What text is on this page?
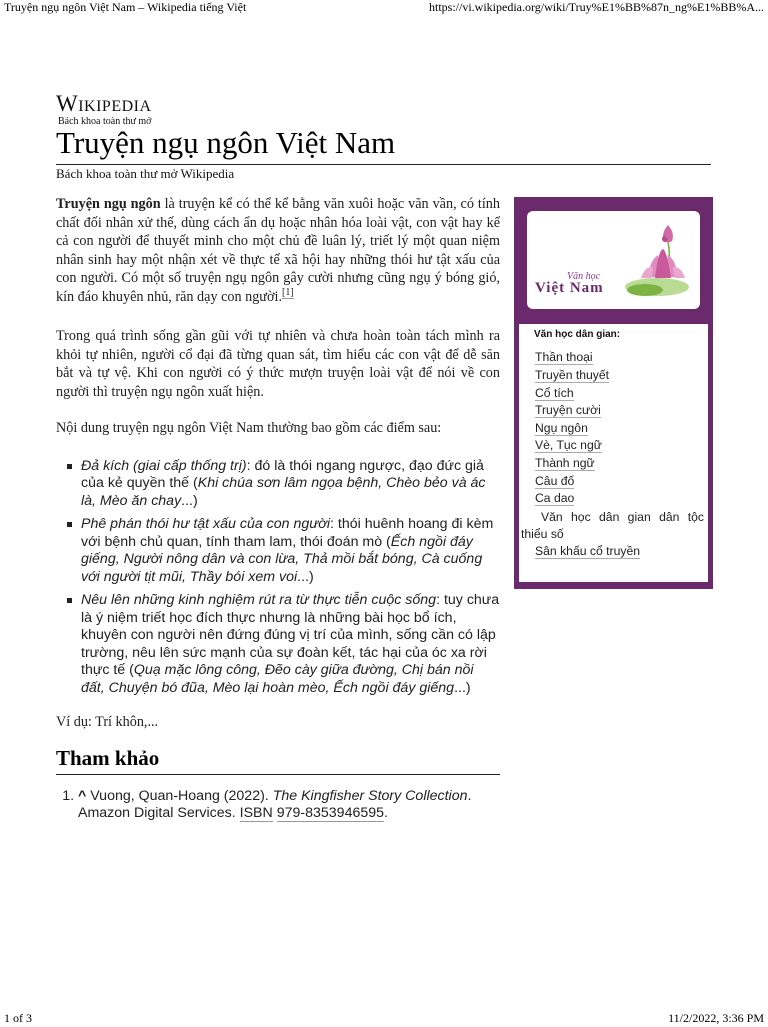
Truyện ngụ ngôn Việt Nam – Wikipedia tiếng Việt	https://vi.wikipedia.org/wiki/Truy%E1%BB%87n_ng%E1%BB%A...
Wikipedia
Bách khoa toàn thư mở
Truyện ngụ ngôn Việt Nam
Bách khoa toàn thư mở Wikipedia

Truyện ngụ ngôn là truyện kể có thể kể bằng văn xuôi hoặc văn vần, có tính chất đối nhân xử thế, dùng cách ẩn dụ hoặc nhân hóa loài vật, con vật hay kể cả con người để thuyết minh cho một chủ đề luân lý, triết lý một quan niệm nhân sinh hay một nhận xét về thực tế xã hội hay những thói hư tật xấu của con người. Có một số truyện ngụ ngôn gây cười nhưng cũng ngụ ý bóng gió, kín đáo khuyên nhủ, răn dạy con người.[1]

Trong quá trình sống gần gũi với tự nhiên và chưa hoàn toàn tách mình ra khỏi tự nhiên, người cổ đại đã từng quan sát, tìm hiểu các con vật để dễ săn bắt và tự vệ. Khi con người có ý thức mượn truyện loài vật để nói về con người thì truyện ngụ ngôn xuất hiện.

Nội dung truyện ngụ ngôn Việt Nam thường bao gồm các điểm sau:

Đả kích (giai cấp thống trị): đó là thói ngang ngược, đạo đức giả của kẻ quyền thế (Khi chúa sơn lâm ngọa bệnh, Chèo bẻo và ác là, Mèo ăn chay...)
Phê phán thói hư tật xấu của con người: thói huênh hoang đi kèm với bệnh chủ quan, tính tham lam, thói đoán mò (Ếch ngồi đáy giếng, Người nông dân và con lừa, Thả mồi bắt bóng, Cà cuống với người tịt mũi, Thầy bói xem voi...)
Nêu lên những kinh nghiệm rút ra từ thực tiễn cuộc sống: tuy chưa là ý niệm triết học đích thực nhưng là những bài học bổ ích, khuyên con người nên đứng đúng vị trí của mình, sống cần có lập trường, nêu lên sức mạnh của sự đoàn kết, tác hại của óc xa rời thực tế (Quạ mặc lông công, Đẽo cày giữa đường, Chị bán nồi đất, Chuyện bó đũa, Mèo lại hoàn mèo, Ếch ngồi đáy giếng...)

Ví dụ: Trí khôn,...

Tham khảo
1. ^ Vuong, Quan-Hoang (2022). The Kingfisher Story Collection. Amazon Digital Services. ISBN 979-8353946595.
Văn học
Việt Nam
Văn học dân gian:
Thần thoại
Truyền thuyết
Cổ tích
Truyện cười
Ngụ ngôn
Vè, Tục ngữ
Thành ngữ
Câu đố
Ca dao
Văn học dân gian dân tộc thiểu số
Sân khấu cổ truyền
1 of 3	11/2/2022, 3:36 PM
